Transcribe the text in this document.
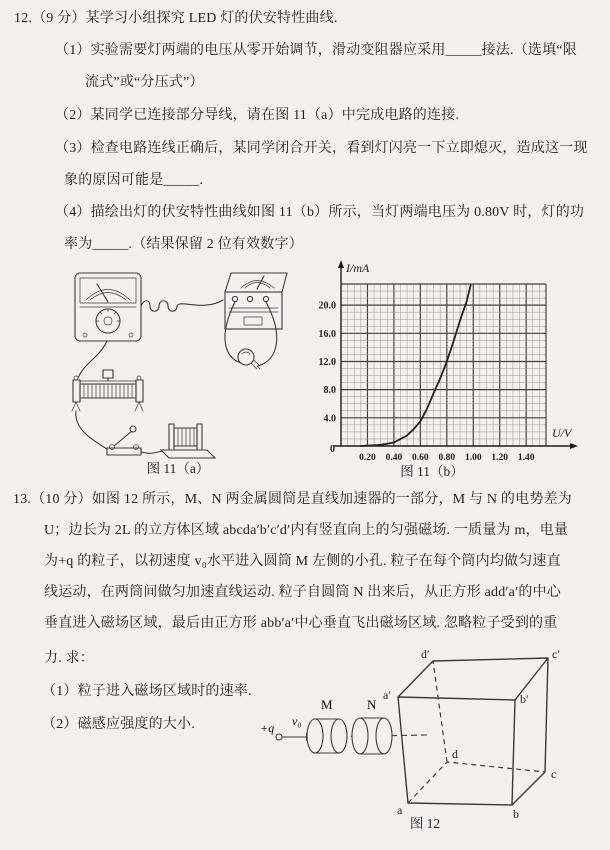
12.（9 分）某学习小组探究 LED 灯的伏安特性曲线.
（1）实验需要灯两端的电压从零开始调节，滑动变阻器应采用_____接法.（选填“限
流式”或“分压式”）
（2）某同学已连接部分导线，请在图 11（a）中完成电路的连接.
（3）检查电路连线正确后，某同学闭合开关，看到灯闪亮一下立即熄灭，造成这一现
象的原因可能是_____.
（4）描绘出灯的伏安特性曲线如图 11（b）所示，当灯两端电压为 0.80V 时，灯的功
率为_____.（结果保留 2 位有效数字）
图 11（a）
I/mA
U/V
0
4.0
8.0
12.0
16.0
20.0
0.20 0.40 0.60 0.80 1.00 1.20 1.40
图 11（b）
13.（10 分）如图 12 所示，M、N 两金属圆筒是直线加速器的一部分，M 与 N 的电势差为
U；边长为 2L 的立方体区域 abcda′b′c′d′内有竖直向上的匀强磁场. 一质量为 m，电量
为+q 的粒子，以初速度 v₀水平进入圆筒 M 左侧的小孔. 粒子在每个筒内均做匀速直
线运动，在两筒间做匀加速直线运动. 粒子自圆筒 N 出来后，从正方形 add′a′的中心
垂直进入磁场区域，最后由正方形 abb′a′中心垂直飞出磁场区域. 忽略粒子受到的重
力. 求：
（1）粒子进入磁场区域时的速率.
（2）磁感应强度的大小.	+q v₀
M	N
a	b
c
d
a′	b′
c′
d′
图 12
